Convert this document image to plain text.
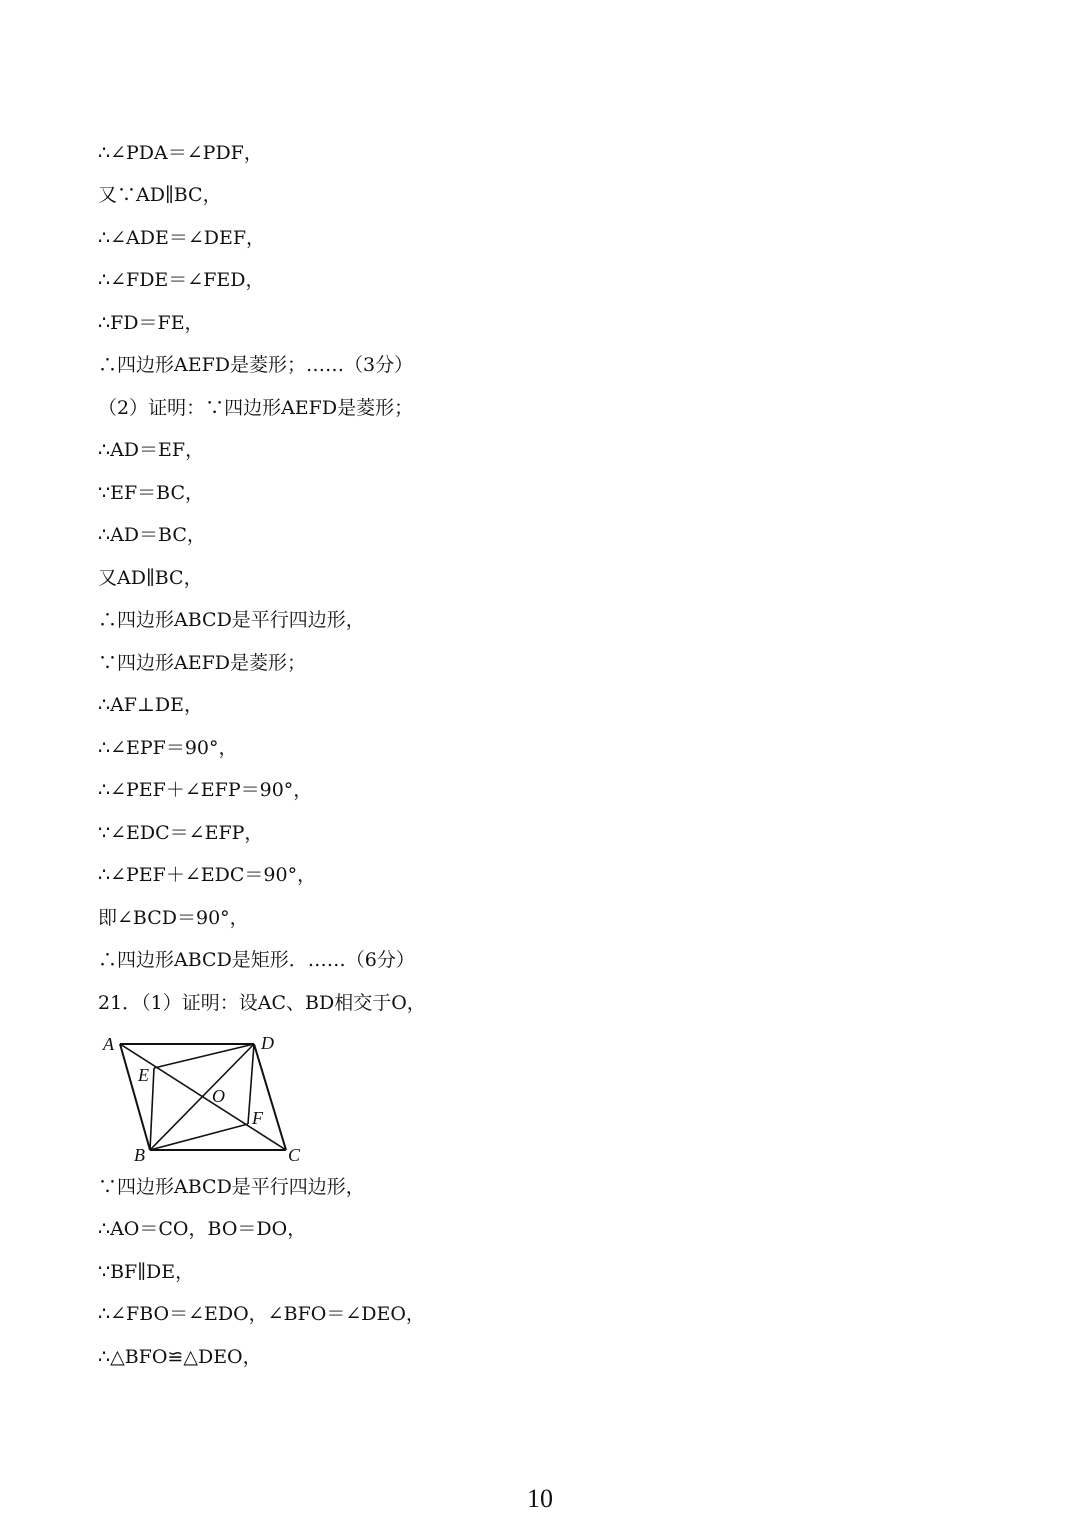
∴∠PDA＝∠PDF，
又∵AD∥BC，
∴∠ADE＝∠DEF，
∴∠FDE＝∠FED，
∴FD＝FE，
∴四边形AEFD是菱形；……（3分）
（2）证明：∵四边形AEFD是菱形；
∴AD＝EF，
∵EF＝BC，
∴AD＝BC，
又AD∥BC，
∴四边形ABCD是平行四边形，
∵四边形AEFD是菱形；
∴AF⊥DE，
∴∠EPF＝90°，
∴∠PEF＋∠EFP＝90°，
∵∠EDC＝∠EFP，
∴∠PEF＋∠EDC＝90°，
即∠BCD＝90°，
∴四边形ABCD是矩形．……（6分）
21．（1）证明：设AC、BD相交于O，
A	D
E
O
F
B	C
∵四边形ABCD是平行四边形，
∴AO＝CO，BO＝DO，
∵BF∥DE，
∴∠FBO＝∠EDO，∠BFO＝∠DEO，
∴△BFO≌△DEO，
10
